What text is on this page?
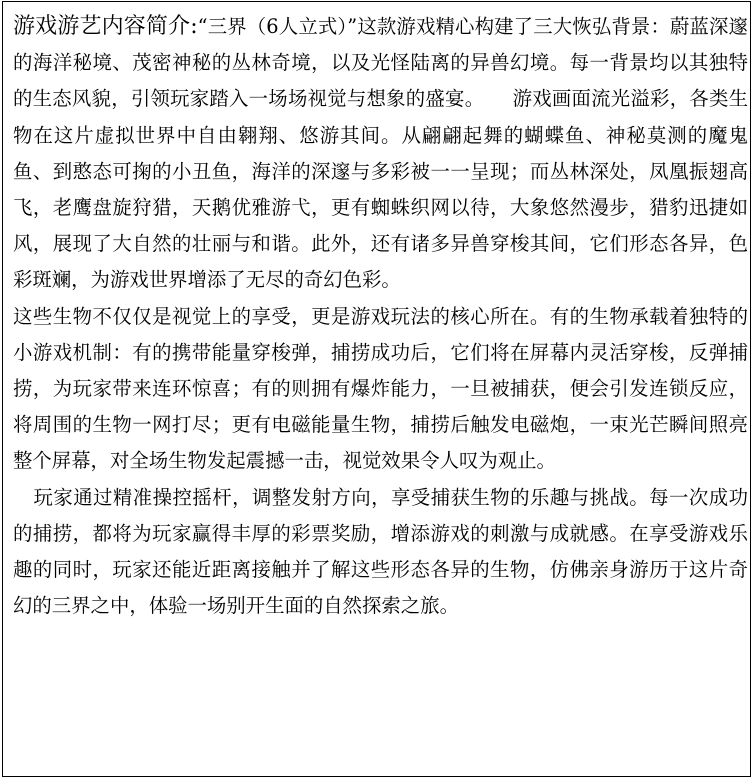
游戏游艺内容简介:“三界（6人立式）”这款游戏精心构建了三大恢弘背景：蔚蓝深邃的海洋秘境、茂密神秘的丛林奇境，以及光怪陆离的异兽幻境。每一背景均以其独特的生态风貌，引领玩家踏入一场场视觉与想象的盛宴。 游戏画面流光溢彩，各类生物在这片虚拟世界中自由翱翔、悠游其间。从翩翩起舞的蝴蝶鱼、神秘莫测的魔鬼鱼、到憨态可掬的小丑鱼，海洋的深邃与多彩被一一呈现；而丛林深处，凤凰振翅高飞，老鹰盘旋狩猎，天鹅优雅游弋，更有蜘蛛织网以待，大象悠然漫步，猎豹迅捷如风，展现了大自然的壮丽与和谐。此外，还有诸多异兽穿梭其间，它们形态各异，色彩斑斓，为游戏世界增添了无尽的奇幻色彩。

这些生物不仅仅是视觉上的享受，更是游戏玩法的核心所在。有的生物承载着独特的小游戏机制：有的携带能量穿梭弹，捕捞成功后，它们将在屏幕内灵活穿梭，反弹捕捞，为玩家带来连环惊喜；有的则拥有爆炸能力，一旦被捕获，便会引发连锁反应，将周围的生物一网打尽；更有电磁能量生物，捕捞后触发电磁炮，一束光芒瞬间照亮整个屏幕，对全场生物发起震撼一击，视觉效果令人叹为观止。

玩家通过精准操控摇杆，调整发射方向，享受捕获生物的乐趣与挑战。每一次成功的捕捞，都将为玩家赢得丰厚的彩票奖励，增添游戏的刺激与成就感。在享受游戏乐趣的同时，玩家还能近距离接触并了解这些形态各异的生物，仿佛亲身游历于这片奇幻的三界之中，体验一场别开生面的自然探索之旅。
